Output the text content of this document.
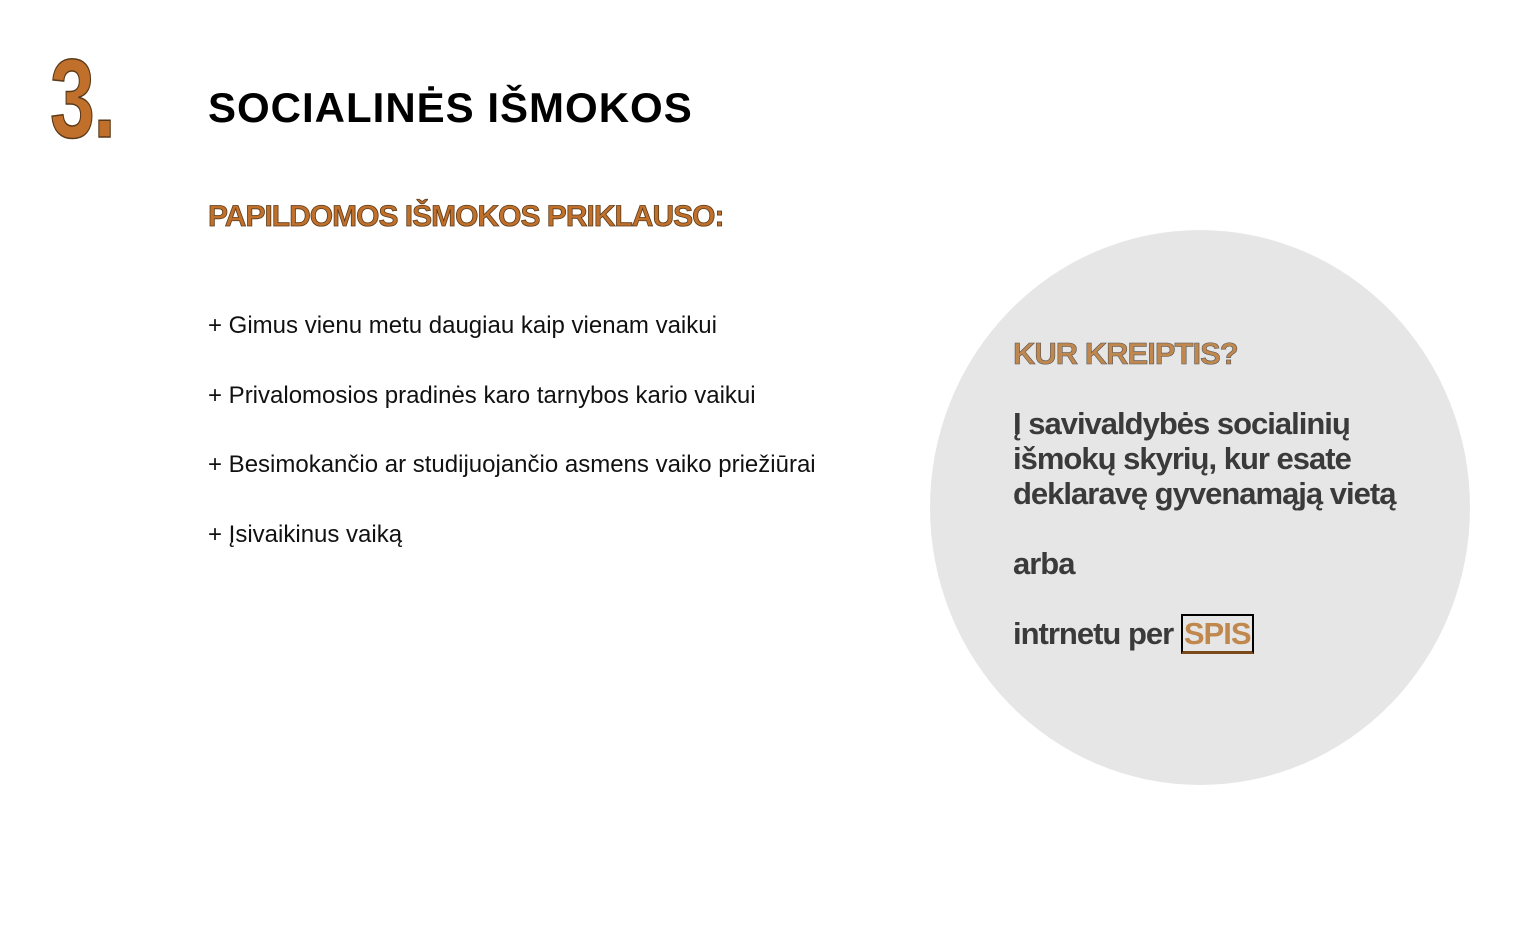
3. SOCIALINĖS IŠMOKOS
PAPILDOMOS IŠMOKOS PRIKLAUSO:
+ Gimus vienu metu daugiau kaip vienam vaikui
+ Privalomosios pradinės karo tarnybos kario vaikui
+ Besimokančio ar studijuojančio asmens vaiko priežiūrai
+ Įsivaikinus vaiką
KUR KREIPTIS?
Į savivaldybės socialinių
išmokų skyrių, kur esate
deklaravę gyvenamąją vietą
arba
intrnetu per SPIS
